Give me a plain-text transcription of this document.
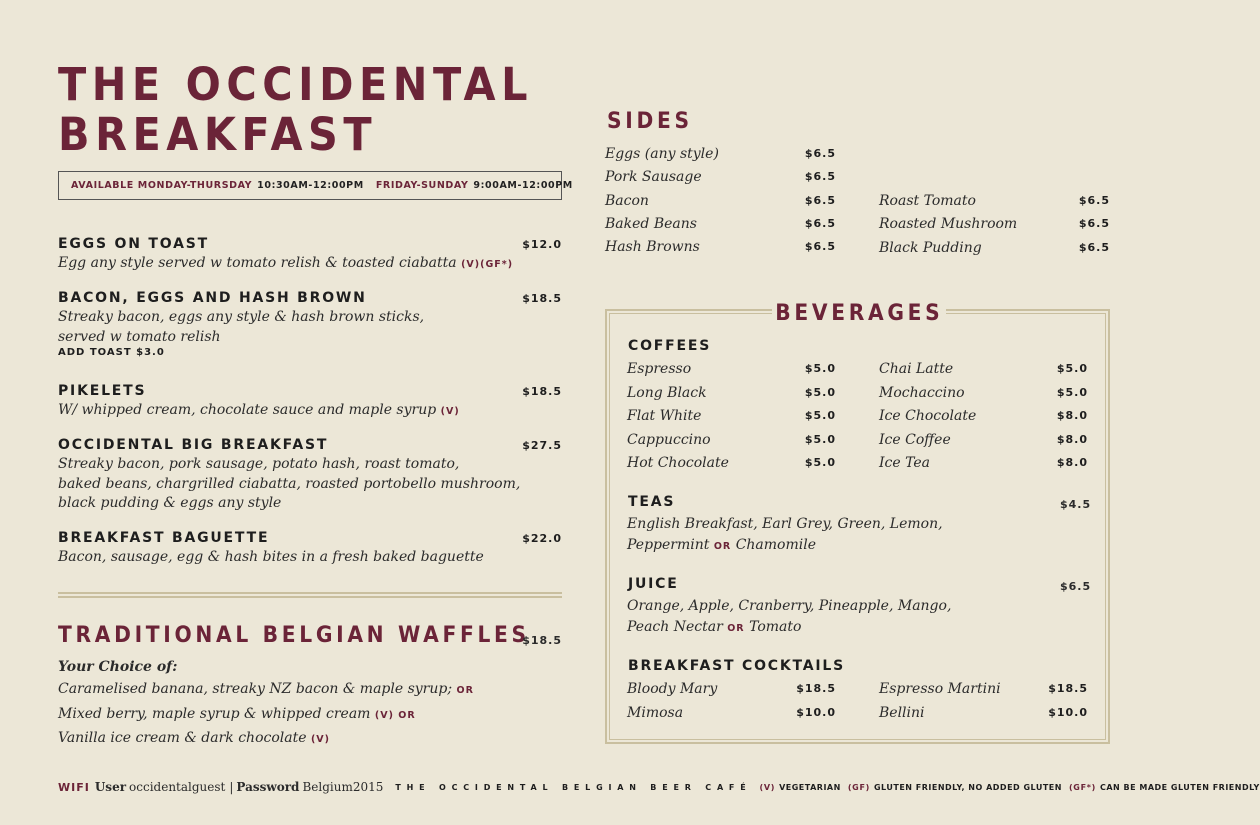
THE OCCIDENTAL
BREAKFAST
AVAILABLE MONDAY-THURSDAY 10:30AM-12:00PM FRIDAY-SUNDAY 9:00AM-12:00PM
EGGS ON TOAST	$12.0
Egg any style served w tomato relish & toasted ciabatta (V)(GF*)
BACON, EGGS AND HASH BROWN	$18.5
Streaky bacon, eggs any style & hash brown sticks,
served w tomato relish
ADD TOAST $3.0
PIKELETS	$18.5
W/ whipped cream, chocolate sauce and maple syrup (V)
OCCIDENTAL BIG BREAKFAST	$27.5
Streaky bacon, pork sausage, potato hash, roast tomato,
baked beans, chargrilled ciabatta, roasted portobello mushroom,
black pudding & eggs any style
BREAKFAST BAGUETTE	$22.0
Bacon, sausage, egg & hash bites in a fresh baked baguette
TRADITIONAL BELGIAN WAFFLES
$18.5
Your Choice of:
Caramelised banana, streaky NZ bacon & maple syrup; OR
Mixed berry, maple syrup & whipped cream (V) OR
Vanilla ice cream & dark chocolate (V)
SIDES
Eggs (any style)	$6.5
Pork Sausage	$6.5
Bacon	$6.5
Baked Beans	$6.5
Hash Browns	$6.5
Roast Tomato	$6.5
Roasted Mushroom	$6.5
Black Pudding	$6.5
BEVERAGES
COFFEES
Espresso	$5.0
Long Black	$5.0
Flat White	$5.0
Cappuccino	$5.0
Hot Chocolate	$5.0
Chai Latte	$5.0
Mochaccino	$5.0
Ice Chocolate	$8.0
Ice Coffee	$8.0
Ice Tea	$8.0
TEAS	$4.5
English Breakfast, Earl Grey, Green, Lemon,
Peppermint OR Chamomile
JUICE	$6.5
Orange, Apple, Cranberry, Pineapple, Mango,
Peach Nectar OR Tomato
BREAKFAST COCKTAILS
Bloody Mary	$18.5
Mimosa	$10.0
Espresso Martini	$18.5
Bellini	$10.0
WIFI User occidentalguest | Password Belgium2015 THE OCCIDENTAL BELGIAN BEER CAFÉ (V) VEGETARIAN (GF) GLUTEN FRIENDLY, NO ADDED GLUTEN (GF*) CAN BE MADE GLUTEN FRIENDLY
